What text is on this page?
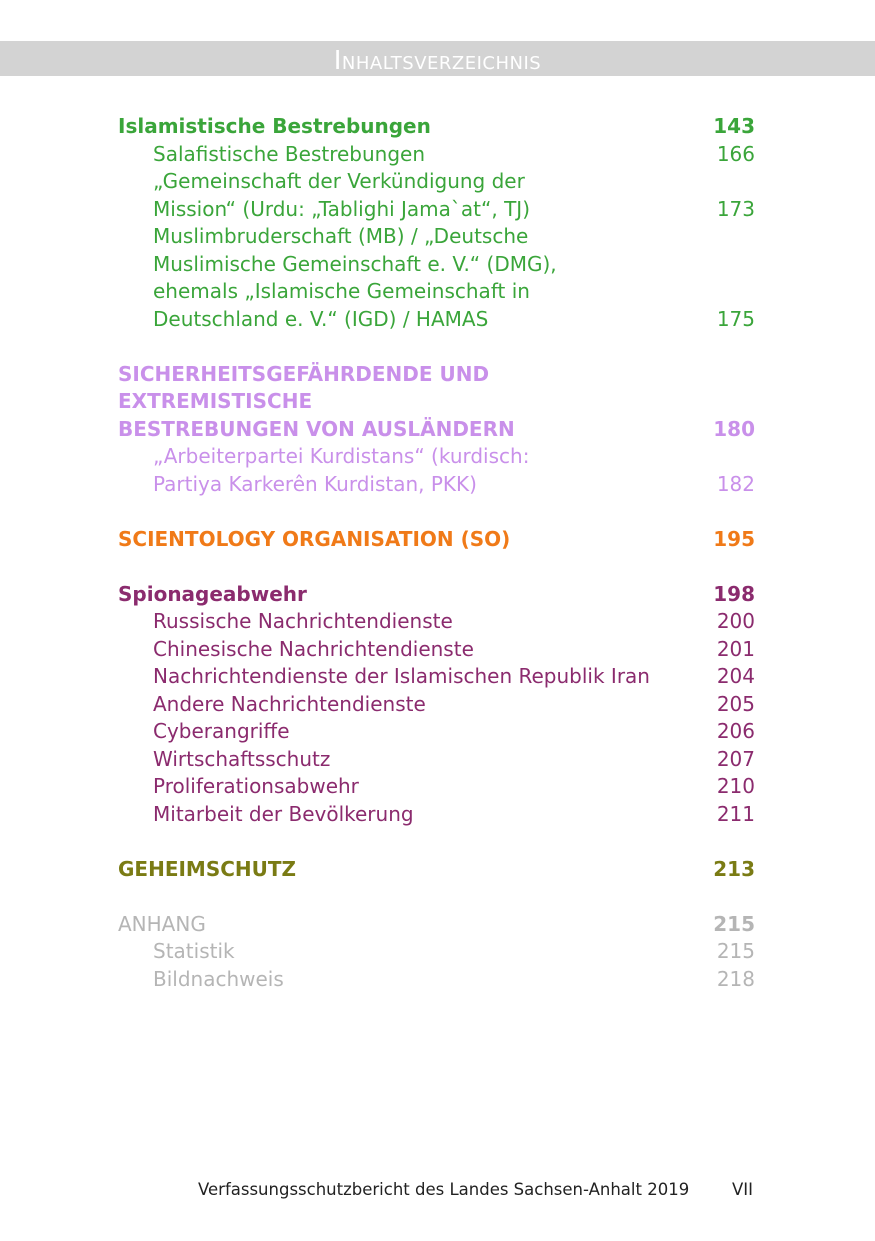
Inhaltsverzeichnis
Islamistische Bestrebungen	143
Salafistische Bestrebungen	166
„Gemeinschaft der Verkündigung der
Mission“ (Urdu: „Tablighi Jama`at“, TJ)	173
Muslimbruderschaft (MB) / „Deutsche
Muslimische Gemeinschaft e. V.“ (DMG),
ehemals „Islamische Gemeinschaft in
Deutschland e. V.“ (IGD) / HAMAS	175
SICHERHEITSGEFÄHRDENDE UND EXTREMISTISCHE
BESTREBUNGEN VON AUSLÄNDERN	180
„Arbeiterpartei Kurdistans“ (kurdisch:
Partiya Karkerên Kurdistan, PKK)	182
SCIENTOLOGY ORGANISATION (SO)	195
Spionageabwehr	198
Russische Nachrichtendienste	200
Chinesische Nachrichtendienste	201
Nachrichtendienste der Islamischen Republik Iran	204
Andere Nachrichtendienste	205
Cyberangriffe	206
Wirtschaftsschutz	207
Proliferationsabwehr	210
Mitarbeit der Bevölkerung	211
GEHEIMSCHUTZ	213
ANHANG	215
Statistik	215
Bildnachweis	218
Verfassungsschutzbericht des Landes Sachsen-Anhalt 2019	VII
